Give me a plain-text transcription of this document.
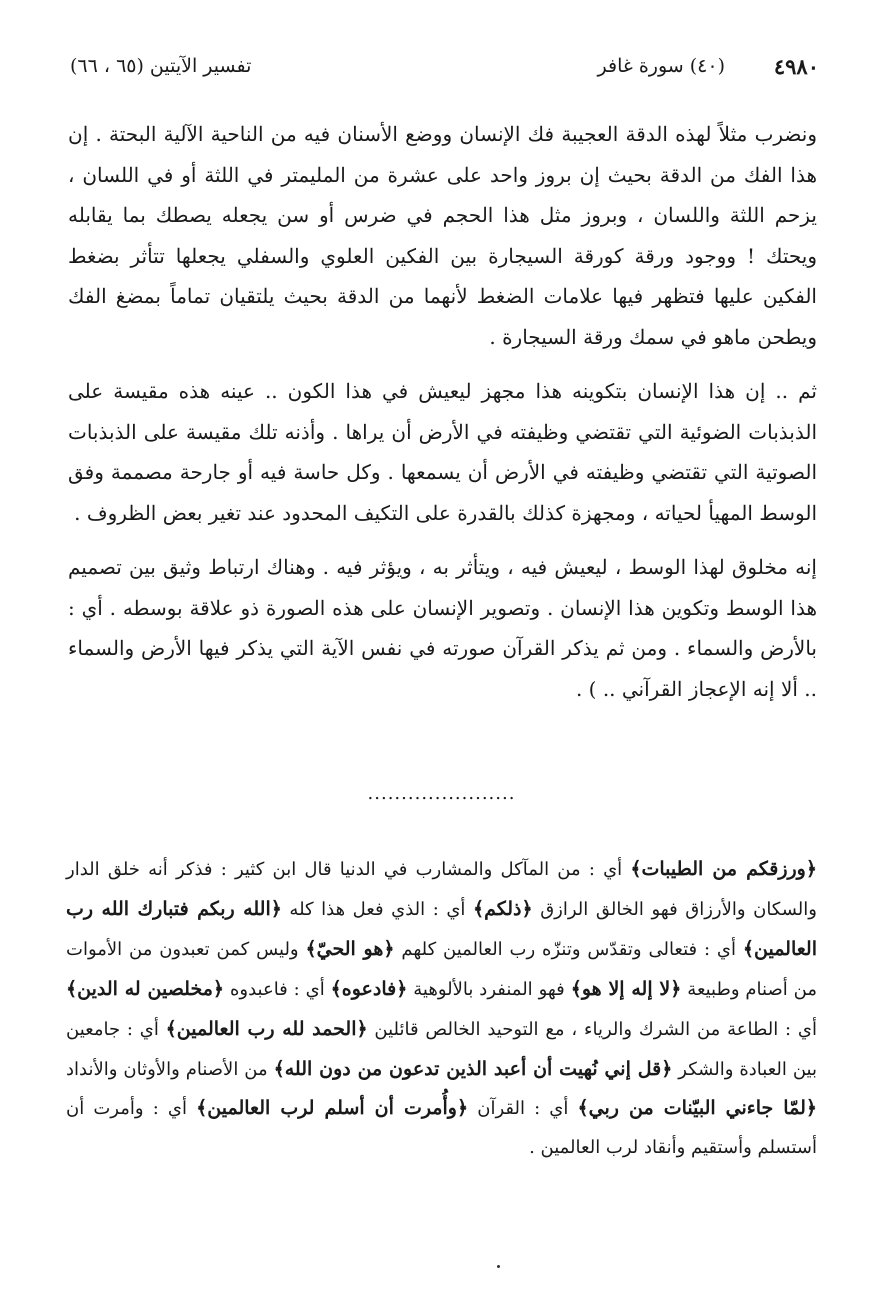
٤٩٨٠
(٤٠) سورة غافر
تفسير الآيتين (٦٥ ، ٦٦)

ونضرب مثلاً لهذه الدقة العجيبة فك الإنسان ووضع الأسنان فيه من الناحية الآلية البحتة . إن هذا الفك من الدقة بحيث إن بروز واحد على عشرة من المليمتر في اللثة أو في اللسان ، يزحم اللثة واللسان ، وبروز مثل هذا الحجم في ضرس أو سن يجعله يصطك بما يقابله ويحتك ! ووجود ورقة كورقة السيجارة بين الفكين العلوي والسفلي يجعلها تتأثر بضغط الفكين عليها فتظهر فيها علامات الضغط لأنهما من الدقة بحيث يلتقيان تماماً بمضغ الفك ويطحن ماهو في سمك ورقة السيجارة .

ثم .. إن هذا الإنسان بتكوينه هذا مجهز ليعيش في هذا الكون .. عينه هذه مقيسة على الذبذبات الضوئية التي تقتضي وظيفته في الأرض أن يراها . وأذنه تلك مقيسة على الذبذبات الصوتية التي تقتضي وظيفته في الأرض أن يسمعها . وكل حاسة فيه أو جارحة مصممة وفق الوسط المهيأ لحياته ، ومجهزة كذلك بالقدرة على التكيف المحدود عند تغير بعض الظروف .

إنه مخلوق لهذا الوسط ، ليعيش فيه ، ويتأثر به ، ويؤثر فيه . وهناك ارتباط وثيق بين تصميم هذا الوسط وتكوين هذا الإنسان . وتصوير الإنسان على هذه الصورة ذو علاقة بوسطه . أي : بالأرض والسماء . ومن ثم يذكر القرآن صورته في نفس الآية التي يذكر فيها الأرض والسماء .. ألا إنه الإعجاز القرآني .. ) .

......................

﴿ورزقكم من الطيبات﴾ أي : من المآكل والمشارب في الدنيا قال ابن كثير : فذكر أنه خلق الدار والسكان والأرزاق فهو الخالق الرازق ﴿ذلكم﴾ أي : الذي فعل هذا كله ﴿الله ربكم فتبارك الله رب العالمين﴾ أي : فتعالى وتقدّس وتنزّه رب العالمين كلهم ﴿هو الحيّ﴾ وليس كمن تعبدون من الأموات من أصنام وطبيعة ﴿لا إله إلا هو﴾ فهو المنفرد بالألوهية ﴿فادعوه﴾ أي : فاعبدوه ﴿مخلصين له الدين﴾ أي : الطاعة من الشرك والرياء ، مع التوحيد الخالص قائلين ﴿الحمد لله رب العالمين﴾ أي : جامعين بين العبادة والشكر ﴿قل إني نُهيت أن أعبد الذين تدعون من دون الله﴾ من الأصنام والأوثان والأنداد ﴿لمّا جاءني البيّنات من ربي﴾ أي : القرآن ﴿وأُمرت أن أسلم لرب العالمين﴾ أي : وأمرت أن أستسلم وأستقيم وأنقاد لرب العالمين .
